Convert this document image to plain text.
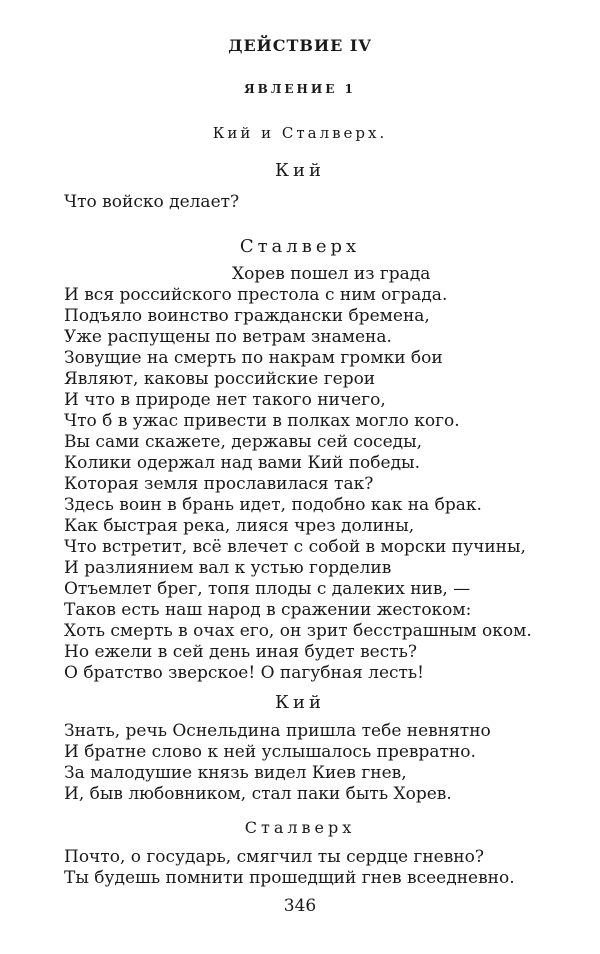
ДЕЙСТВИЕ IV
ЯВЛЕНИЕ 1
Кий и Сталверх.
Кий
Что войско делает?
Сталверх
Хорев пошел из града
И вся российского престола с ним ограда.
Подъяло воинство граждански бремена,
Уже распущены по ветрам знамена.
Зовущие на смерть по накрам громки бои
Являют, каковы российские герои
И что в природе нет такого ничего,
Что б в ужас привести в полках могло кого.
Вы сами скажете, державы сей соседы,
Колики одержал над вами Кий победы.
Которая земля прославилася так?
Здесь воин в брань идет, подобно как на брак.
Как быстрая река, лияся чрез долины,
Что встретит, всё влечет с собой в морски пучины,
И разлиянием вал к устью горделив
Отъемлет брег, топя плоды с далеких нив, —
Таков есть наш народ в сражении жестоком:
Хоть смерть в очах его, он зрит бесстрашным оком.
Но ежели в сей день иная будет весть?
О братство зверское! О пагубная лесть!
Кий
Знать, речь Оснельдина пришла тебе невнятно
И братне слово к ней услышалось превратно.
За малодушие князь видел Киев гнев,
И, быв любовником, стал паки быть Хорев.
Сталверх
Почто, о государь, смягчил ты сердце гневно?
Ты будешь помнити прошедщий гнев всеедневно.
346
